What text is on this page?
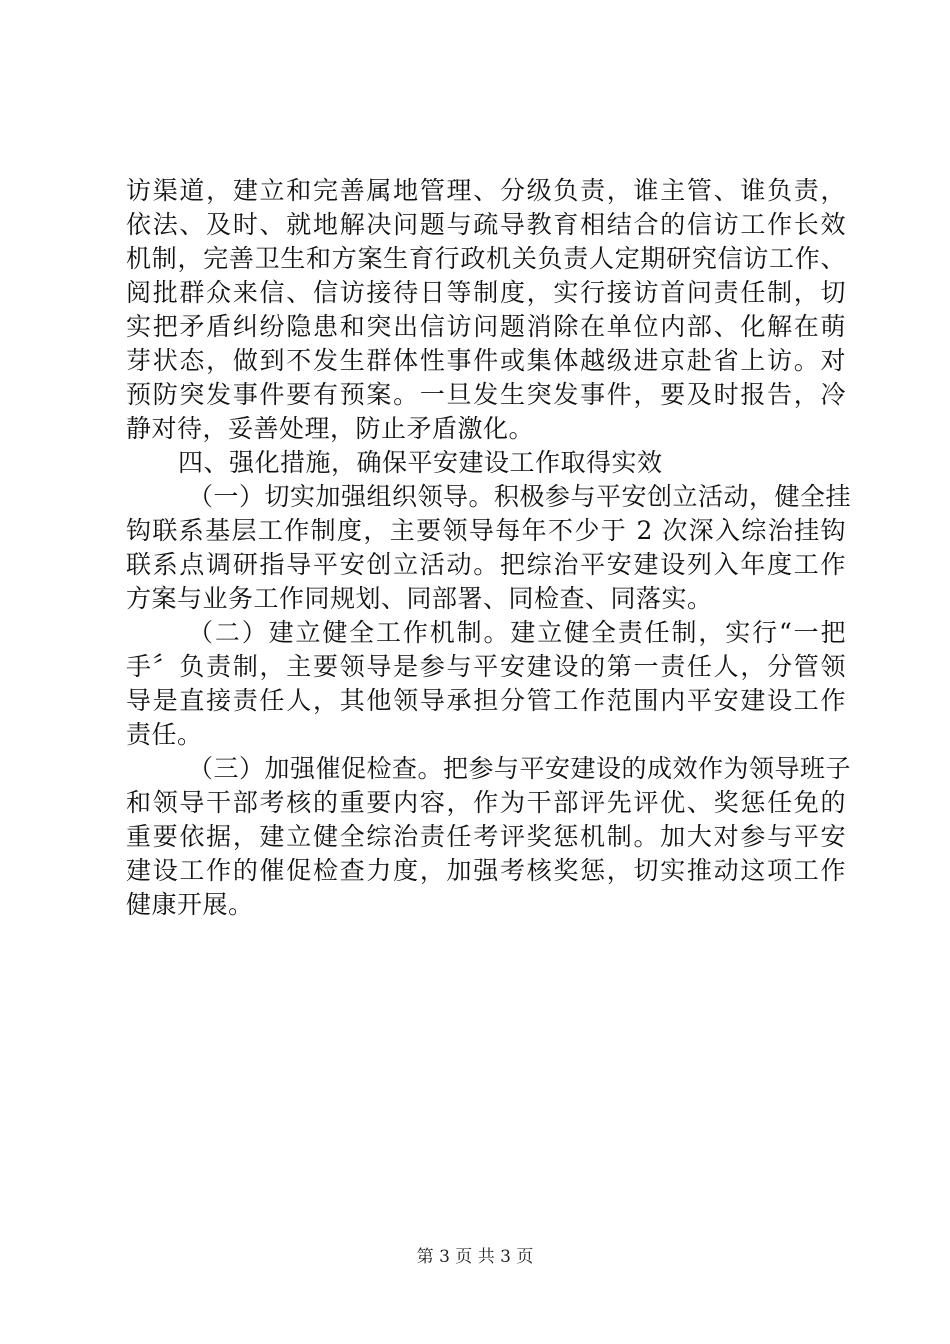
访渠道，建立和完善属地管理、分级负责，谁主管、谁负责，
依法、及时、就地解决问题与疏导教育相结合的信访工作长效
机制，完善卫生和方案生育行政机关负责人定期研究信访工作、
阅批群众来信、信访接待日等制度，实行接访首问责任制，切
实把矛盾纠纷隐患和突出信访问题消除在单位内部、化解在萌
芽状态，做到不发生群体性事件或集体越级进京赴省上访。对
预防突发事件要有预案。一旦发生突发事件，要及时报告，冷
静对待，妥善处理，防止矛盾激化。
四、强化措施，确保平安建设工作取得实效
（一）切实加强组织领导。积极参与平安创立活动，健全挂
钩联系基层工作制度，主要领导每年不少于 2 次深入综治挂钩
联系点调研指导平安创立活动。把综治平安建设列入年度工作
方案与业务工作同规划、同部署、同检查、同落实。
（二）建立健全工作机制。建立健全责任制，实行“一把
手〞负责制，主要领导是参与平安建设的第一责任人，分管领
导是直接责任人，其他领导承担分管工作范围内平安建设工作
责任。
（三）加强催促检查。把参与平安建设的成效作为领导班子
和领导干部考核的重要内容，作为干部评先评优、奖惩任免的
重要依据，建立健全综治责任考评奖惩机制。加大对参与平安
建设工作的催促检查力度，加强考核奖惩，切实推动这项工作
健康开展。
第 3 页 共 3 页
